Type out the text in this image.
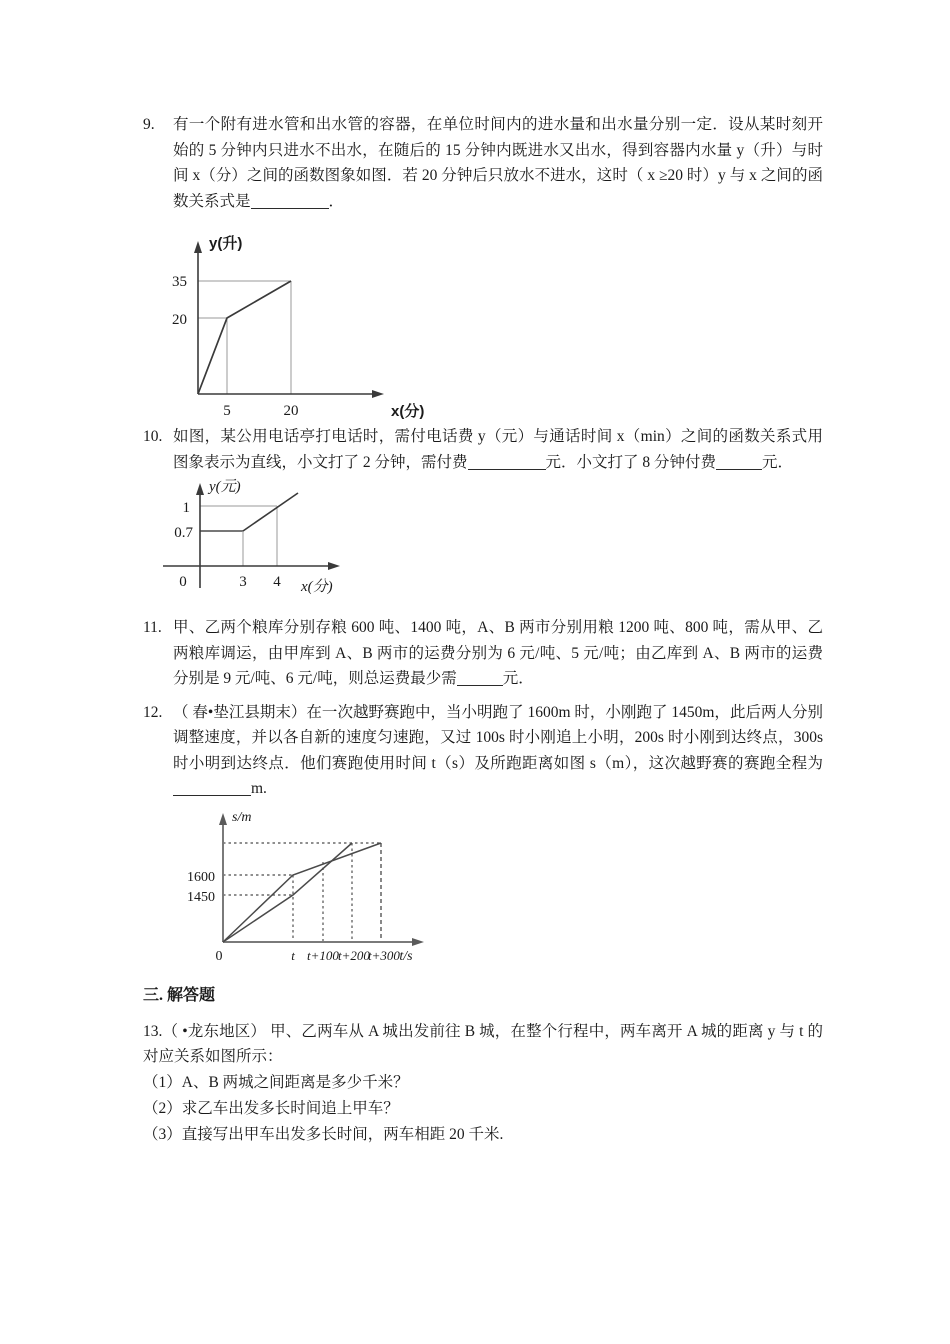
9.	有一个附有进水管和出水管的容器，在单位时间内的进水量和出水量分别一定．设从某时刻开始的 5 分钟内只进水不出水，在随后的 15 分钟内既进水又出水，得到容器内水量 y（升）与时间 x（分）之间的函数图象如图．若 20 分钟后只放水不进水，这时（ x ≥20 时）y 与 x 之间的函数关系式是	．
35
20
5	20
y(升)
x(分)
10. 如图，某公用电话亭打电话时，需付电话费 y（元）与通话时间 x（min）之间的函数关系式用图象表示为直线，小文打了 2 分钟，需付费	元．小文打了 8 分钟付费	元．
1
0.7
0	3 4
y(元)
x(分)
11. 甲、乙两个粮库分别存粮 600 吨、1400 吨，A、B 两市分别用粮 1200 吨、800 吨，需从甲、乙两粮库调运，由甲库到 A、B 两市的运费分别为 6 元/吨、5 元/吨；由乙库到 A、B 两市的运费分别是 9 元/吨、6 元/吨，则总运费最少需	元．
12. （ 春•垫江县期末）在一次越野赛跑中，当小明跑了 1600m 时，小刚跑了 1450m，此后两人分别调整速度，并以各自新的速度匀速跑，又过 100s 时小刚追上小明，200s 时小刚到达终点，300s 时小明到达终点．他们赛跑使用时间 t（s）及所跑距离如图 s（m），这次越野赛的赛跑全程为m.
1600
1450
0	t t+100 t+200
t+300
s/m
t/s
三. 解答题
13.（ •龙东地区） 甲、乙两车从 A 城出发前往 B 城，在整个行程中，两车离开 A 城的距离 y 与 t 的对应关系如图所示：
（1）A、B 两城之间距离是多少千米？
（2）求乙车出发多长时间追上甲车？
（3）直接写出甲车出发多长时间，两车相距 20 千米.
